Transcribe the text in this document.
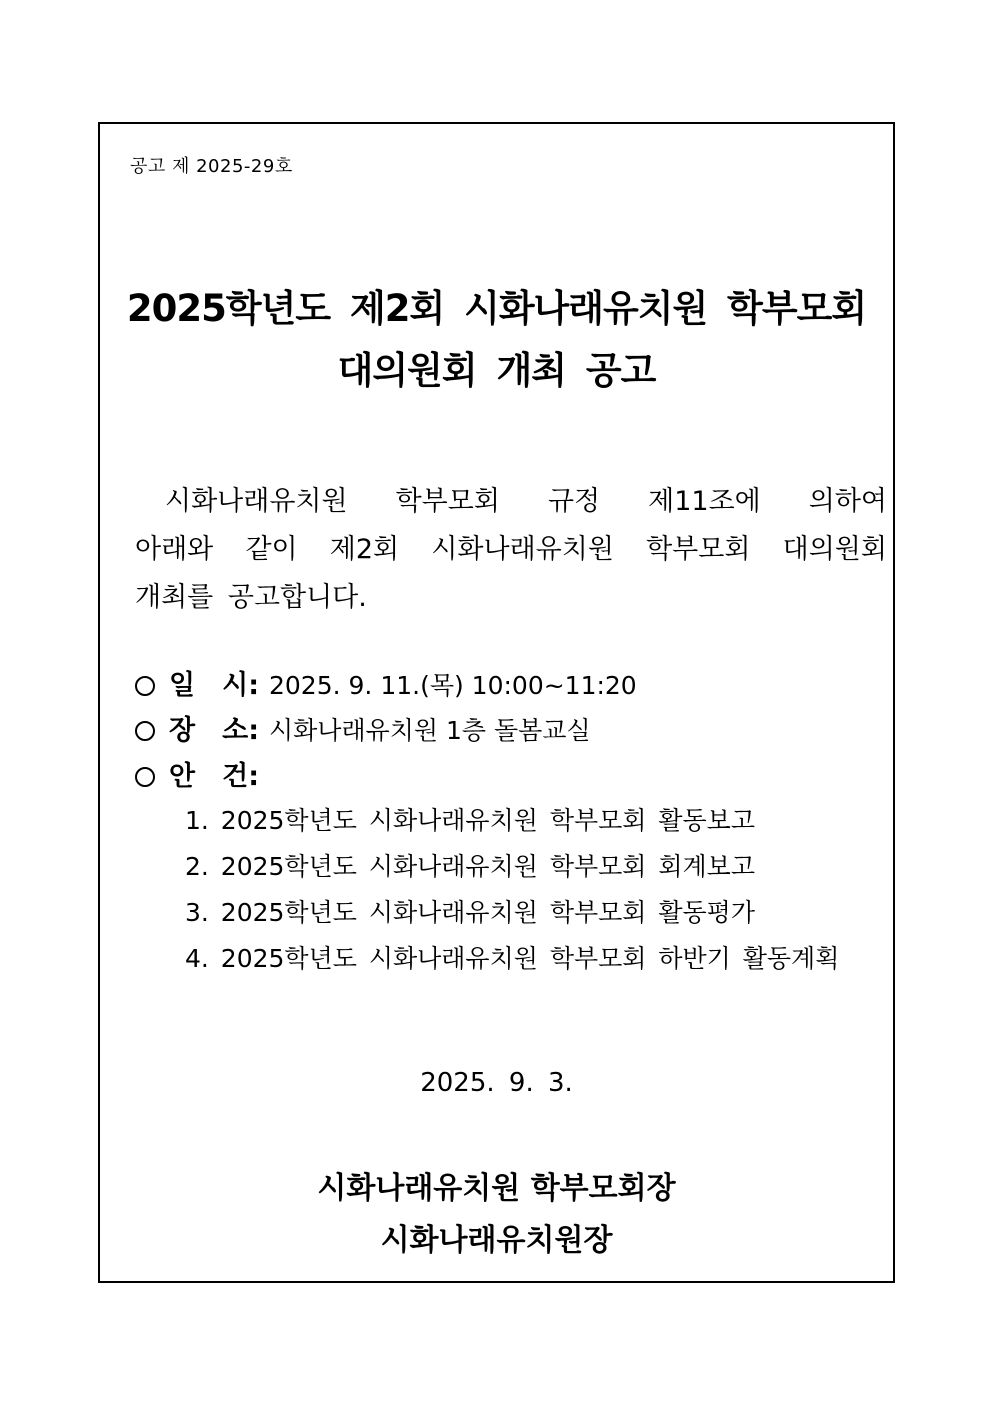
공고 제 2025-29호
2025학년도 제2회 시화나래유치원 학부모회
대의원회 개최 공고
시화나래유치원 학부모회 규정 제11조에 의하여
아래와 같이 제2회 시화나래유치원 학부모회 대의원회
개최를 공고합니다.
일 시: 2025. 9. 11.(목) 10:00~11:20
장 소: 시화나래유치원 1층 돌봄교실
안 건:
1. 2025학년도 시화나래유치원 학부모회 활동보고
2. 2025학년도 시화나래유치원 학부모회 회계보고
3. 2025학년도 시화나래유치원 학부모회 활동평가
4. 2025학년도 시화나래유치원 학부모회 하반기 활동계획
2025. 9. 3.
시화나래유치원 학부모회장
시화나래유치원장
